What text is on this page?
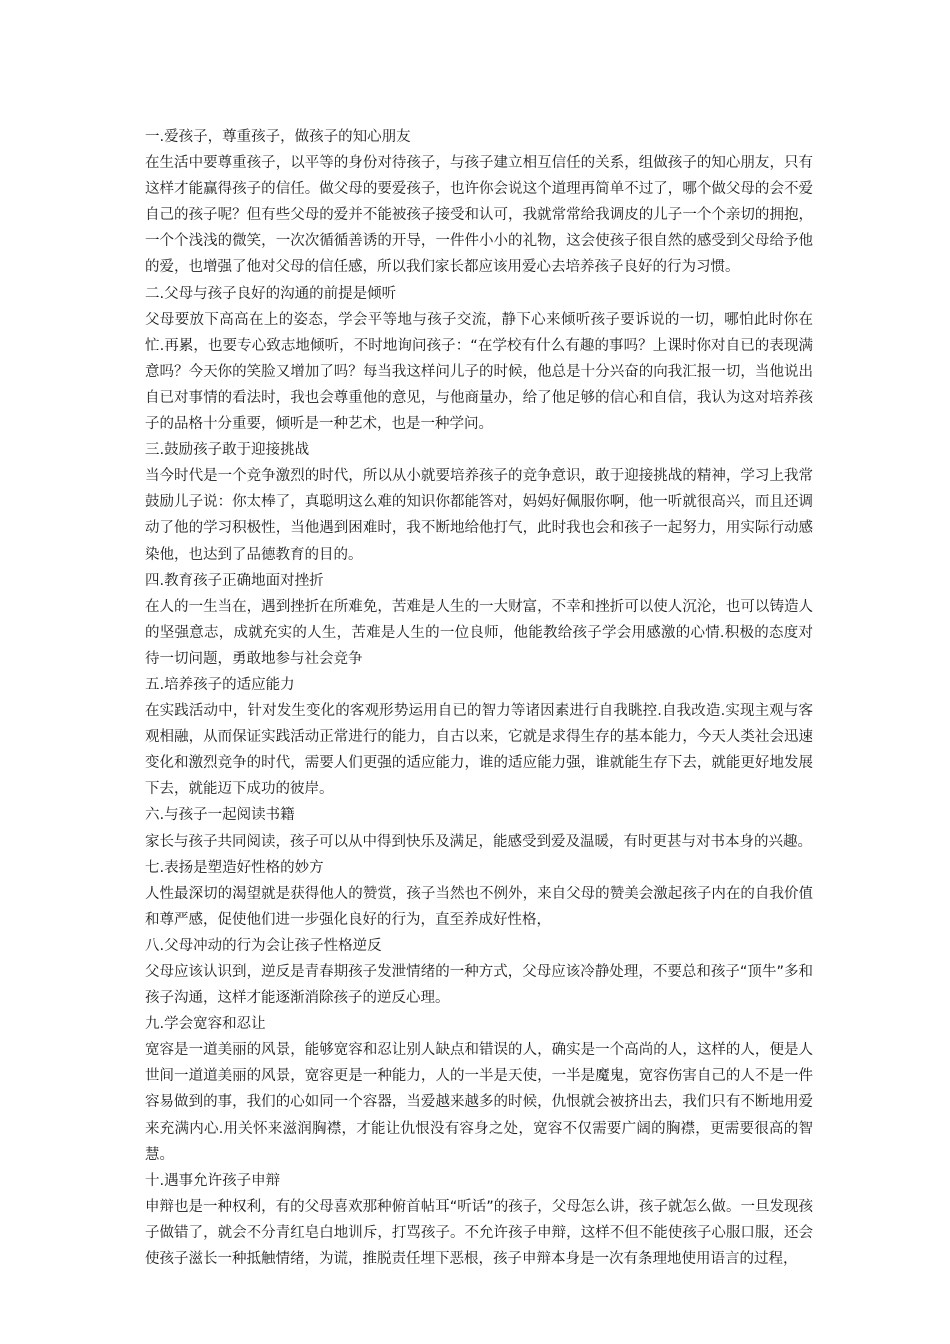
一.爱孩子，尊重孩子，做孩子的知心朋友

在生活中要尊重孩子，以平等的身份对待孩子，与孩子建立相互信任的关系，组做孩子的知心朋友，只有这样才能赢得孩子的信任。做父母的要爱孩子，也许你会说这个道理再简单不过了，哪个做父母的会不爱自己的孩子呢？但有些父母的爱并不能被孩子接受和认可，我就常常给我调皮的儿子一个个亲切的拥抱，一个个浅浅的微笑，一次次循循善诱的开导，一件件小小的礼物，这会使孩子很自然的感受到父母给予他的爱，也增强了他对父母的信任感，所以我们家长都应该用爱心去培养孩子良好的行为习惯。

二.父母与孩子良好的沟通的前提是倾听

父母要放下高高在上的姿态，学会平等地与孩子交流，静下心来倾听孩子要诉说的一切，哪怕此时你在忙.再累，也要专心致志地倾听，不时地询问孩子：“在学校有什么有趣的事吗？上课时你对自已的表现满意吗？今天你的笑脸又增加了吗？每当我这样问儿子的时候，他总是十分兴奋的向我汇报一切，当他说出自已对事情的看法时，我也会尊重他的意见，与他商量办，给了他足够的信心和自信，我认为这对培养孩子的品格十分重要，倾听是一种艺术，也是一种学问。

三.鼓励孩子敢于迎接挑战

当今时代是一个竞争激烈的时代，所以从小就要培养孩子的竞争意识，敢于迎接挑战的精神，学习上我常鼓励儿子说：你太棒了，真聪明这么难的知识你都能答对，妈妈好佩服你啊，他一听就很高兴，而且还调动了他的学习积极性，当他遇到困难时，我不断地给他打气，此时我也会和孩子一起努力，用实际行动感染他，也达到了品德教育的目的。

四.教育孩子正确地面对挫折

在人的一生当在，遇到挫折在所难免，苦难是人生的一大财富，不幸和挫折可以使人沉沦，也可以铸造人的坚强意志，成就充实的人生，苦难是人生的一位良师，他能教给孩子学会用感激的心情.积极的态度对待一切问题，勇敢地参与社会竞争

五.培养孩子的适应能力

在实践活动中，针对发生变化的客观形势运用自已的智力等诸因素进行自我眺控.自我改造.实现主观与客观相融，从而保证实践活动正常进行的能力，自古以来，它就是求得生存的基本能力，今天人类社会迅速变化和激烈竞争的时代，需要人们更强的适应能力，谁的适应能力强，谁就能生存下去，就能更好地发展下去，就能迈下成功的彼岸。

六.与孩子一起阅读书籍

家长与孩子共同阅读，孩子可以从中得到快乐及满足，能感受到爱及温暖，有时更甚与对书本身的兴趣。

七.表扬是塑造好性格的妙方

人性最深切的渴望就是获得他人的赞赏，孩子当然也不例外，来自父母的赞美会激起孩子内在的自我价值和尊严感，促使他们进一步强化良好的行为，直至养成好性格，

八.父母冲动的行为会让孩子性格逆反

父母应该认识到，逆反是青春期孩子发泄情绪的一种方式，父母应该冷静处理，不要总和孩子“顶牛”多和孩子沟通，这样才能逐渐消除孩子的逆反心理。

九.学会宽容和忍让

宽容是一道美丽的风景，能够宽容和忍让别人缺点和错误的人，确实是一个高尚的人，这样的人，便是人世间一道道美丽的风景，宽容更是一种能力，人的一半是天使，一半是魔鬼，宽容伤害自己的人不是一件容易做到的事，我们的心如同一个容器，当爱越来越多的时候，仇恨就会被挤出去，我们只有不断地用爱来充满内心.用关怀来滋润胸襟，才能让仇恨没有容身之处，宽容不仅需要广阔的胸襟，更需要很高的智慧。

十.遇事允许孩子申辩

申辩也是一种权利，有的父母喜欢那种俯首帖耳“听话”的孩子，父母怎么讲，孩子就怎么做。一旦发现孩子做错了，就会不分青红皂白地训斥，打骂孩子。不允许孩子申辩，这样不但不能使孩子心服口服，还会使孩子滋长一种抵触情绪，为谎，推脱责任埋下恶根，孩子申辩本身是一次有条理地使用语言的过程，
